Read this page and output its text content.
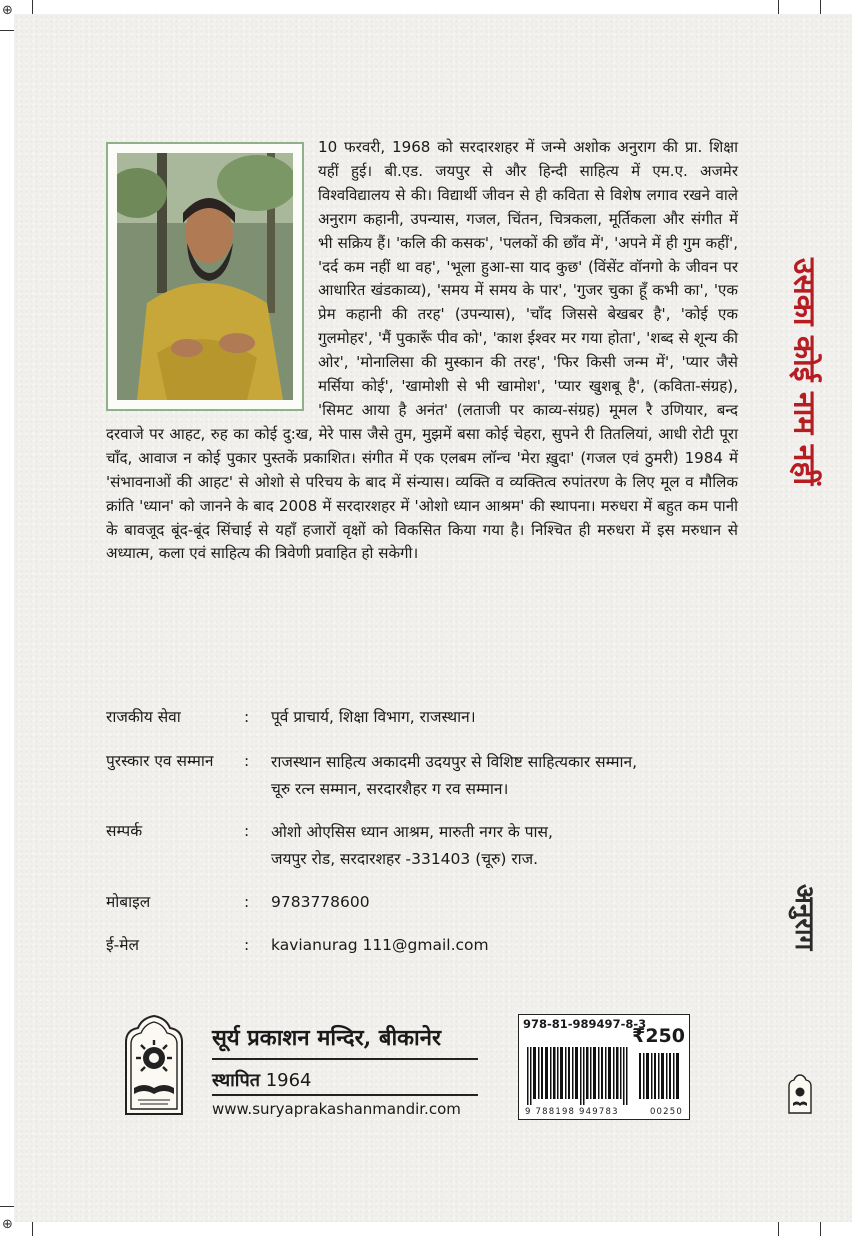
⊕
⊕

10 फरवरी, 1968 को सरदारशहर में जन्मे अशोक अनुराग की प्रा. शिक्षा यहीं हुई। बी.एड. जयपुर से और हिन्दी साहित्य में एम.ए. अजमेर विश्वविद्यालय से की। विद्यार्थी जीवन से ही कविता से विशेष लगाव रखने वाले अनुराग कहानी, उपन्यास, गजल, चिंतन, चित्रकला, मूर्तिकला और संगीत में भी सक्रिय हैं। 'कलि की कसक', 'पलकों की छाँव में', 'अपने में ही गुम कहीं', 'दर्द कम नहीं था वह', 'भूला हुआ-सा याद कुछ' (विंसेंट वॉनगो के जीवन पर आधारित खंडकाव्य), 'समय में समय के पार', 'गुजर चुका हूँ कभी का', 'एक प्रेम कहानी की तरह' (उपन्यास), 'चाँद जिससे बेखबर है', 'कोई एक गुलमोहर', 'मैं पुकारूँ पीव को', 'काश ईश्वर मर गया होता', 'शब्द से शून्य की ओर', 'मोनालिसा की मुस्कान की तरह', 'फिर किसी जन्म में', 'प्यार जैसे मर्सिया कोई', 'खामोशी से भी खामोश', 'प्यार खुशबू है', (कविता-संग्रह), 'सिमट आया है अनंत' (लताजी पर काव्य-संग्रह) मूमल रै उणियार, बन्द दरवाजे पर आहट, रुह का कोई दु:ख, मेरे पास जैसे तुम, मुझमें बसा कोई चेहरा, सुपने री तितलियां, आधी रोटी पूरा चाँद, आवाज न कोई पुकार पुस्तकें प्रकाशित। संगीत में एक एलबम लॉन्च 'मेरा ख़ुदा' (गजल एवं ठुमरी) 1984 में 'संभावनाओं की आहट' से ओशो से परिचय के बाद में संन्यास। व्यक्ति व व्यक्तित्व रुपांतरण के लिए मूल व मौलिक क्रांति 'ध्यान' को जानने के बाद 2008 में सरदारशहर में 'ओशो ध्यान आश्रम' की स्थापना। मरुधरा में बहुत कम पानी के बावजूद बूंद-बूंद सिंचाई से यहाँ हजारों वृक्षों को विकसित किया गया है। निश्चित ही मरुधरा में इस मरुधान से अध्यात्म, कला एवं साहित्य की त्रिवेणी प्रवाहित हो सकेगी।

राजकीय सेवा	: पूर्व प्राचार्य, शिक्षा विभाग, राजस्थान।
पुरस्कार एव सम्मान : राजस्थान साहित्य अकादमी उदयपुर से विशिष्ट साहित्यकार सम्मान,
चूरु रत्न सम्मान, सरदारशैहर ग रव सम्मान।
सम्पर्क	: ओशो ओएसिस ध्यान आश्रम, मारुती नगर के पास,
जयपुर रोड, सरदारशहर -331403 (चूरु) राज.
मोबाइल	: 9783778600
ई-मेल	: kavianurag 111@gmail.com
उसका कोई नाम नहीं
अनुराग
सूर्य प्रकाशन मन्दिर, बीकानेर
स्थापित 1964
www.suryaprakashanmandir.com
978-81-989497-8-3
₹250
9 788198 949783	00250
